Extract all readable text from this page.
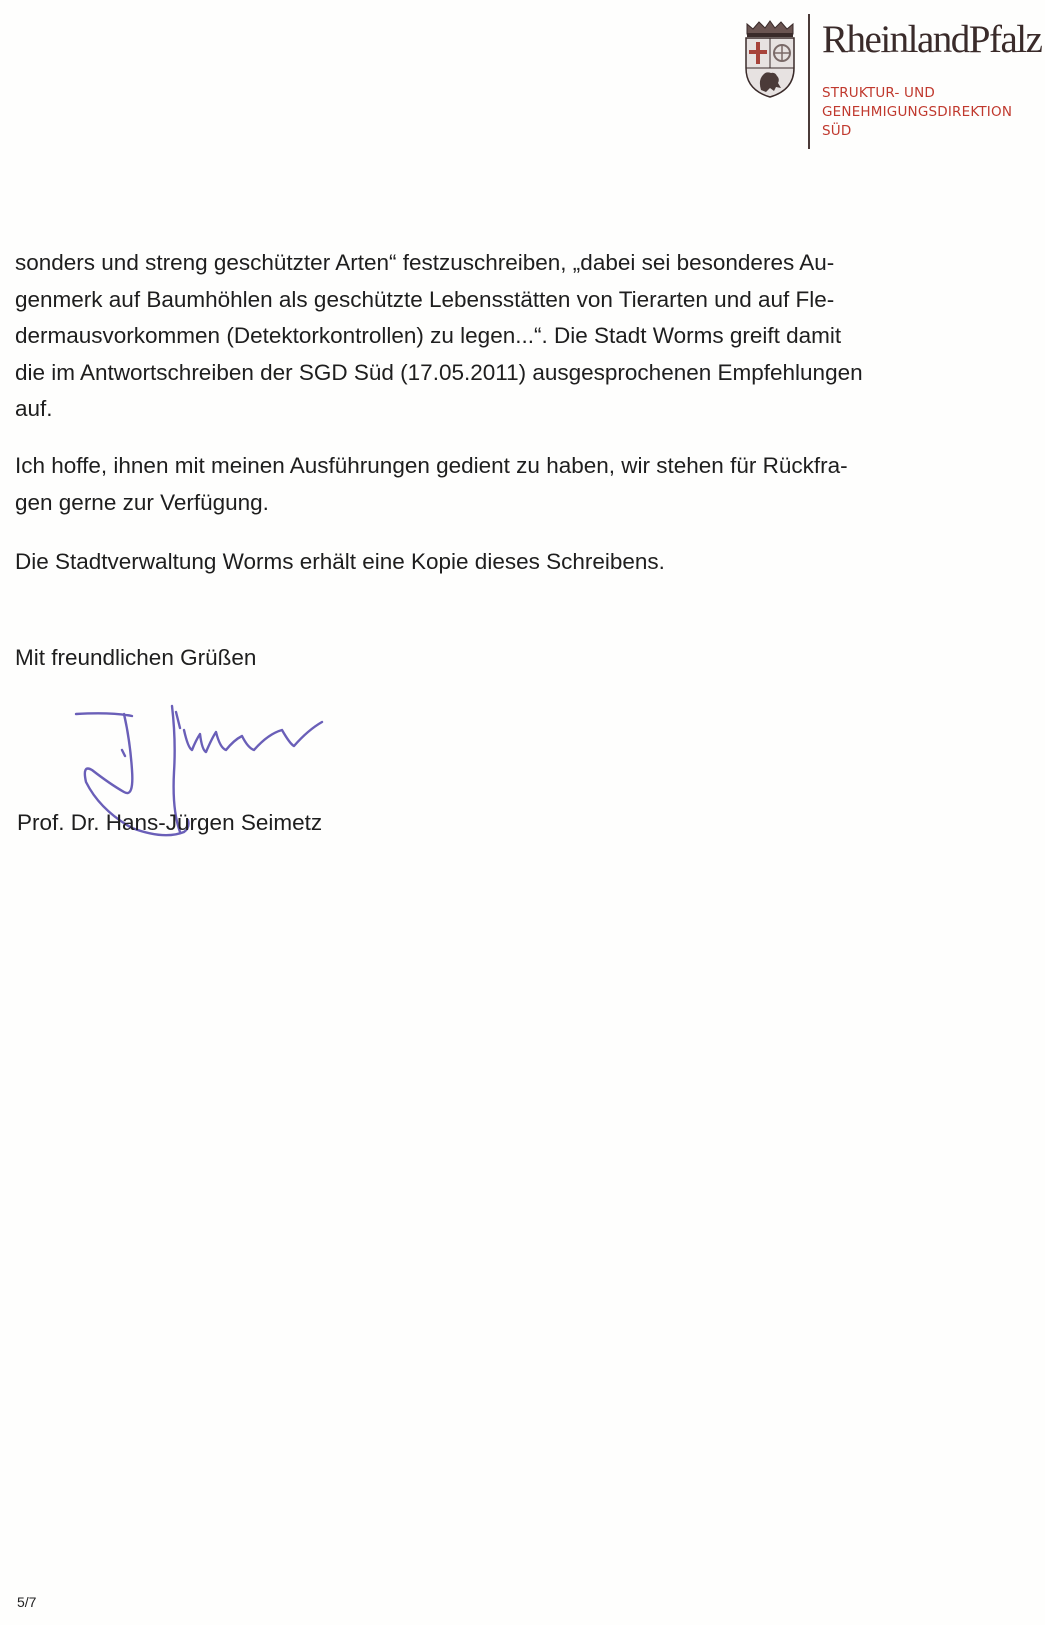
RheinlandPfalz
STRUKTUR- UND
GENEHMIGUNGSDIREKTION
SÜD

sonders und streng geschützter Arten“ festzuschreiben, „dabei sei besonderes Au-
genmerk auf Baumhöhlen als geschützte Lebensstätten von Tierarten und auf Fle-
dermausvorkommen (Detektorkontrollen) zu legen...“. Die Stadt Worms greift damit
die im Antwortschreiben der SGD Süd (17.05.2011) ausgesprochenen Empfehlungen
auf.

Ich hoffe, ihnen mit meinen Ausführungen gedient zu haben, wir stehen für Rückfra-
gen gerne zur Verfügung.

Die Stadtverwaltung Worms erhält eine Kopie dieses Schreibens.

Mit freundlichen Grüßen

Prof. Dr. Hans-Jürgen Seimetz

5/7
